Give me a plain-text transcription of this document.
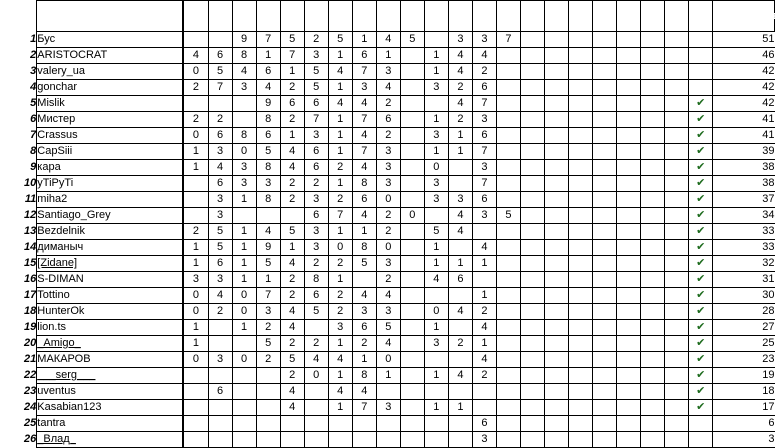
	Ник
Результаты																							Всего очков
1	Бус			9	7	5	2	5	1	4	5		3	3	7									51
2	ARISTOCRAT	4	6	8	1	7	3	1	6	1		1	4	4										46
3	valery_ua	0	5	4	6	1	5	4	7	3		1	4	2										42
4	gonchar	2	7	3	4	2	5	1	3	4		3	2	6										42
5	Mislik				9	6	6	4	4	2			4	7									✔	42
6	Мистер	2	2		8	2	7	1	7	6		1	2	3									✔	41
7	Crassus	0	6	8	6	1	3	1	4	2		3	1	6									✔	41
8	CapSiii	1	3	0	5	4	6	1	7	3		1	1	7									✔	39
9	кара	1	4	3	8	4	6	2	4	3		0		3									✔	38
10	уTiPyTi		6	3	3	2	2	1	8	3		3		7									✔	38
11	miha2		3	1	8	2	3	2	6	0		3	3	6									✔	37
12	Santiago_Grey		3				6	7	4	2	0		4	3	5								✔	34
13	Bezdelnik	2	5	1	4	5	3	1	1	2		5	4										✔	33
14	диманыч	1	5	1	9	1	3	0	8	0		1		4									✔	33
15	[Zidane]	1	6	1	5	4	2	2	5	3		1	1	1									✔	32
16	S-DIMAN	3	3	1	1	2	8	1		2		4	6										✔	31
17	Tottino	0	4	0	7	2	6	2	4	4				1									✔	30
18	HunterOk	0	2	0	3	4	5	2	3	3		0	4	2									✔	28
19	lion.ts	1		1	2	4		3	6	5		1		4									✔	27
20	_Amigo_	1			5	2	2	1	2	4		3	2	1									✔	25
21	МАКАРОВ	0	3	0	2	5	4	4	1	0				4									✔	23
22	___serg___					2	0	1	8	1		1	4	2									✔	19
23	uventus		6			4		4	4														✔	18
24	Kasabian123					4		1	7	3		1	1										✔	17
25	tantra													6										6
26	_Влад_													3										3
